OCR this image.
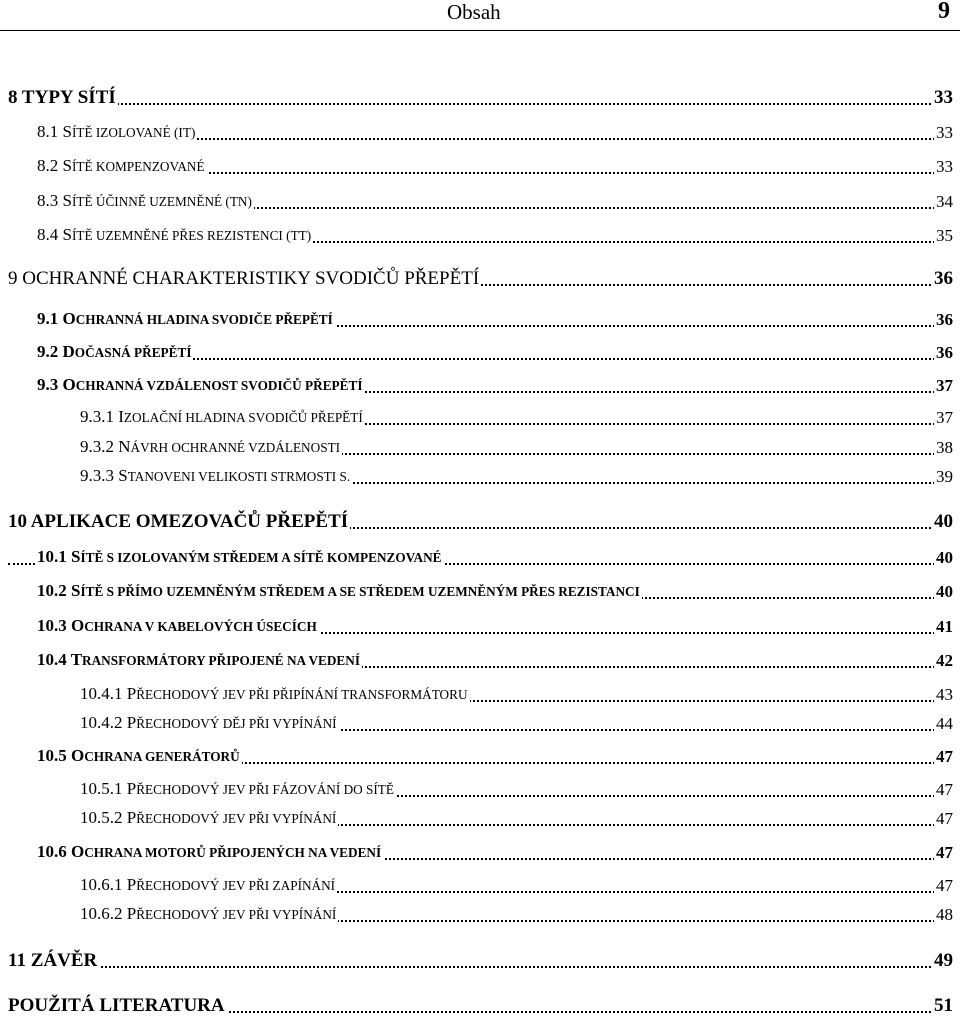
Obsah	9
8 TYPY SÍTÍ	33
8.1 SÍTĚ IZOLOVANÉ (IT)	33
8.2 SÍTĚ KOMPENZOVANÉ	33
8.3 SÍTĚ ÚČINNĚ UZEMNĚNÉ (TN)	34
8.4 SÍTĚ UZEMNĚNÉ PŘES REZISTENCI (TT)	35
9 OCHRANNÉ CHARAKTERISTIKY SVODIČŮ PŘEPĚTÍ	36
9.1 OCHRANNÁ HLADINA SVODIČE PŘEPĚTÍ	36
9.2 DOČASNÁ PŘEPĚTÍ	36
9.3 OCHRANNÁ VZDÁLENOST SVODIČŮ PŘEPĚTÍ	37
9.3.1 IZOLAČNÍ HLADINA SVODIČŮ PŘEPĚTÍ	37
9.3.2 NÁVRH OCHRANNÉ VZDÁLENOSTI	38
9.3.3 STANOVENI VELIKOSTI STRMOSTI S.	39
10 APLIKACE OMEZOVAČŮ PŘEPĚTÍ	40
10.1 SÍTĚ S IZOLOVANÝM STŘEDEM A SÍTĚ KOMPENZOVANÉ	40
10.2 SÍTĚ S PŘÍMO UZEMNĚNÝM STŘEDEM A SE STŘEDEM UZEMNĚNÝM PŘES REZISTANCI	40
10.3 OCHRANA V KABELOVÝCH ÚSECÍCH	41
10.4 TRANSFORMÁTORY PŘIPOJENÉ NA VEDENÍ	42
10.4.1 PŘECHODOVÝ JEV PŘI PŘIPÍNÁNÍ TRANSFORMÁTORU	43
10.4.2 PŘECHODOVÝ DĚJ PŘI VYPÍNÁNÍ	44
10.5 OCHRANA GENERÁTORŮ	47
10.5.1 PŘECHODOVÝ JEV PŘI FÁZOVÁNÍ DO SÍTĚ	47
10.5.2 PŘECHODOVÝ JEV PŘI VYPÍNÁNÍ	47
10.6 OCHRANA MOTORŮ PŘIPOJENÝCH NA VEDENÍ	47
10.6.1 PŘECHODOVÝ JEV PŘI ZAPÍNÁNÍ	47
10.6.2 PŘECHODOVÝ JEV PŘI VYPÍNÁNÍ	48
11 ZÁVĚR	49
POUŽITÁ LITERATURA	51
